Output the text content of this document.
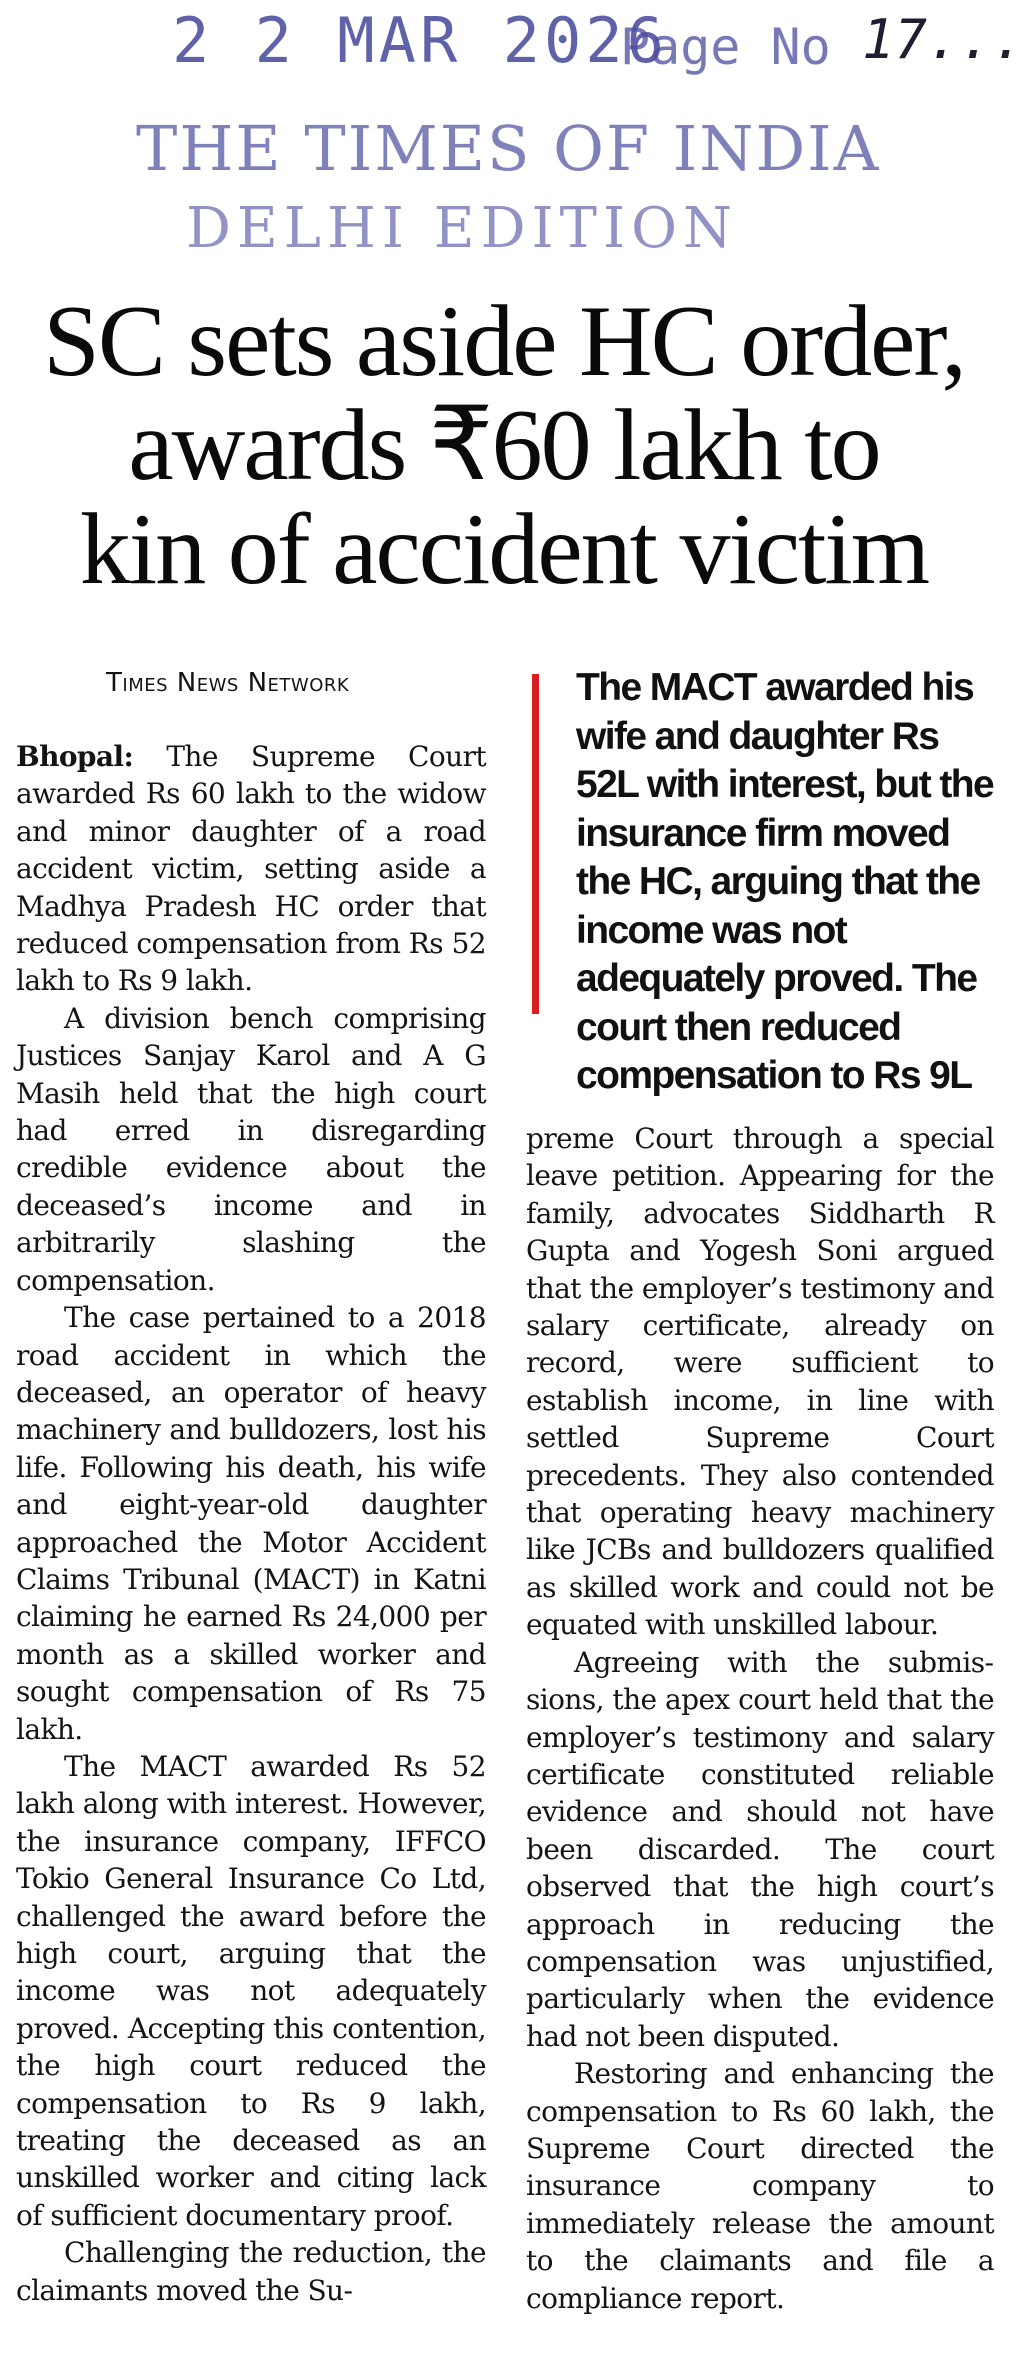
2 2 MAR 2026
Page No 17...
THE TIMES OF INDIA
DELHI EDITION
SC sets aside HC order,
awards ₹60 lakh to
kin of accident victim
Times News Network	The MACT awarded his wife and daughter Rs 52L with interest, but the insurance firm moved the HC, arguing that the income was not adequately proved. The court then reduced compensation to Rs 9L

Bhopal: The Supreme Court awarded Rs 60 lakh to the widow and minor daughter of a road accident victim, setting aside a Madhya Pradesh HC order that reduced compensation from Rs 52 lakh to Rs 9 lakh.

A division bench comprising Justices Sanjay Karol and A G Masih held that the high court had erred in disregarding credible evidence about the deceased’s income and in arbitrarily slashing the compensation.

The case pertained to a 2018 road accident in which the deceased, an operator of heavy machinery and bulldozers, lost his life. Following his death, his wife and eight-year-old daughter approached the Motor Accident Claims Tribunal (MACT) in Katni claiming he earned Rs 24,000 per month as a skilled worker and sought compensation of Rs 75 lakh.

The MACT awarded Rs 52 lakh along with interest. However, the insurance company, IFFCO Tokio General Insurance Co Ltd, challenged the award before the high court, arguing that the income was not adequately proved. Accepting this contention, the high court reduced the compensation to Rs 9 lakh, treating the deceased as an unskilled worker and citing lack of sufficient documentary proof.

Challenging the reduction, the claimants moved the Su-

preme Court through a special leave petition. Appearing for the family, advocates Siddharth R Gupta and Yogesh Soni argued that the employer’s testimony and salary certificate, already on record, were sufficient to establish income, in line with settled Supreme Court precedents. They also contended that operating heavy machinery like JCBs and bulldozers qualified as skilled work and could not be equated with unskilled labour.

Agreeing with the submissions, the apex court held that the employer’s testimony and salary certificate constituted reliable evidence and should not have been discarded. The court observed that the high court’s approach in reducing the compensation was unjustified, particularly when the evidence had not been disputed.

Restoring and enhancing the compensation to Rs 60 lakh, the Supreme Court directed the insurance company to immediately release the amount to the claimants and file a compliance report.
